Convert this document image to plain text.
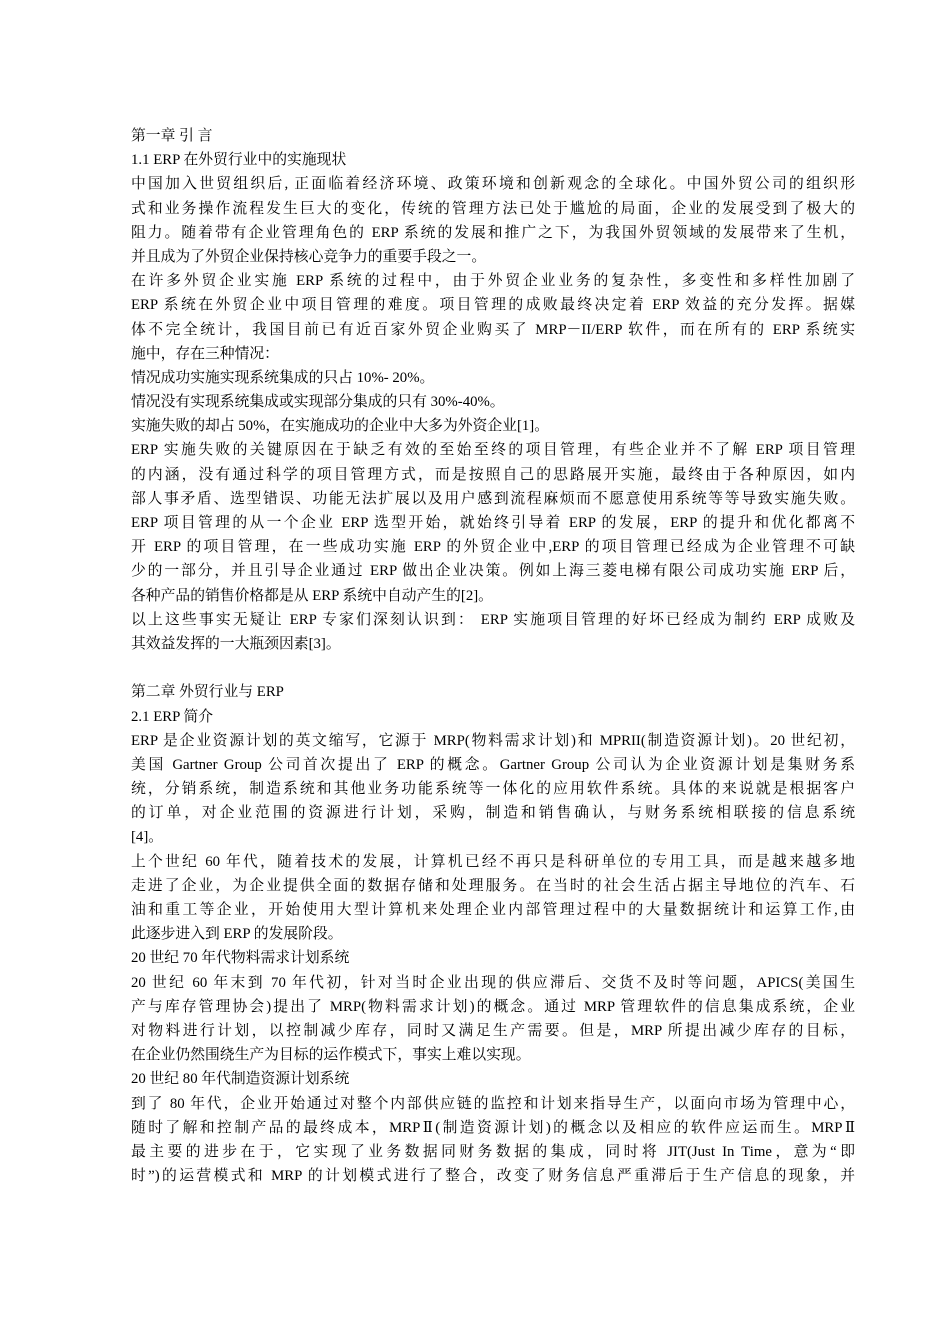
第一章 引 言
1.1 ERP 在外贸行业中的实施现状
中国加入世贸组织后, 正面临着经济环境、政策环境和创新观念的全球化。中国外贸公司的组织形
式和业务操作流程发生巨大的变化，传统的管理方法已处于尴尬的局面，企业的发展受到了极大的
阻力。随着带有企业管理角色的 ERP 系统的发展和推广之下，为我国外贸领域的发展带来了生机，
并且成为了外贸企业保持核心竞争力的重要手段之一。
在许多外贸企业实施 ERP 系统的过程中，由于外贸企业业务的复杂性，多变性和多样性加剧了
ERP 系统在外贸企业中项目管理的难度。项目管理的成败最终决定着 ERP 效益的充分发挥。据媒
体不完全统计，我国目前已有近百家外贸企业购买了 MRP－II/ERP 软件，而在所有的 ERP 系统实
施中，存在三种情况：
情况成功实施实现系统集成的只占 10%- 20%。
情况没有实现系统集成或实现部分集成的只有 30%-40%。
实施失败的却占 50%，在实施成功的企业中大多为外资企业[1]。
ERP 实施失败的关键原因在于缺乏有效的至始至终的项目管理，有些企业并不了解 ERP 项目管理
的内涵，没有通过科学的项目管理方式，而是按照自己的思路展开实施，最终由于各种原因，如内
部人事矛盾、选型错误、功能无法扩展以及用户感到流程麻烦而不愿意使用系统等等导致实施失败。
ERP 项目管理的从一个企业 ERP 选型开始，就始终引导着 ERP 的发展，ERP 的提升和优化都离不
开 ERP 的项目管理，在一些成功实施 ERP 的外贸企业中,ERP 的项目管理已经成为企业管理不可缺
少的一部分，并且引导企业通过 ERP 做出企业决策。例如上海三菱电梯有限公司成功实施 ERP 后，
各种产品的销售价格都是从 ERP 系统中自动产生的[2]。
以上这些事实无疑让 ERP 专家们深刻认识到： ERP 实施项目管理的好坏已经成为制约 ERP 成败及
其效益发挥的一大瓶颈因素[3]。
第二章 外贸行业与 ERP
2.1 ERP 简介
ERP 是企业资源计划的英文缩写，它源于 MRP(物料需求计划)和 MPRII(制造资源计划)。20 世纪初，
美国 Gartner Group 公司首次提出了 ERP 的概念。Gartner Group 公司认为企业资源计划是集财务系
统，分销系统，制造系统和其他业务功能系统等一体化的应用软件系统。具体的来说就是根据客户
的订单，对企业范围的资源进行计划，采购，制造和销售确认，与财务系统相联接的信息系统
[4]。
上个世纪 60 年代，随着技术的发展，计算机已经不再只是科研单位的专用工具，而是越来越多地
走进了企业，为企业提供全面的数据存储和处理服务。在当时的社会生活占据主导地位的汽车、石
油和重工等企业，开始使用大型计算机来处理企业内部管理过程中的大量数据统计和运算工作,由
此逐步进入到 ERP 的发展阶段。
20 世纪 70 年代物料需求计划系统
20 世纪 60 年末到 70 年代初，针对当时企业出现的供应滞后、交货不及时等问题，APICS(美国生
产与库存管理协会)提出了 MRP(物料需求计划)的概念。通过 MRP 管理软件的信息集成系统，企业
对物料进行计划，以控制减少库存，同时又满足生产需要。但是，MRP 所提出减少库存的目标，
在企业仍然围绕生产为目标的运作模式下，事实上难以实现。
20 世纪 80 年代制造资源计划系统
到了 80 年代，企业开始通过对整个内部供应链的监控和计划来指导生产，以面向市场为管理中心，
随时了解和控制产品的最终成本，MRPⅡ(制造资源计划)的概念以及相应的软件应运而生。MRPⅡ
最主要的进步在于，它实现了业务数据同财务数据的集成，同时将 JIT(Just In Time，意为“即
时”)的运营模式和 MRP 的计划模式进行了整合，改变了财务信息严重滞后于生产信息的现象，并
